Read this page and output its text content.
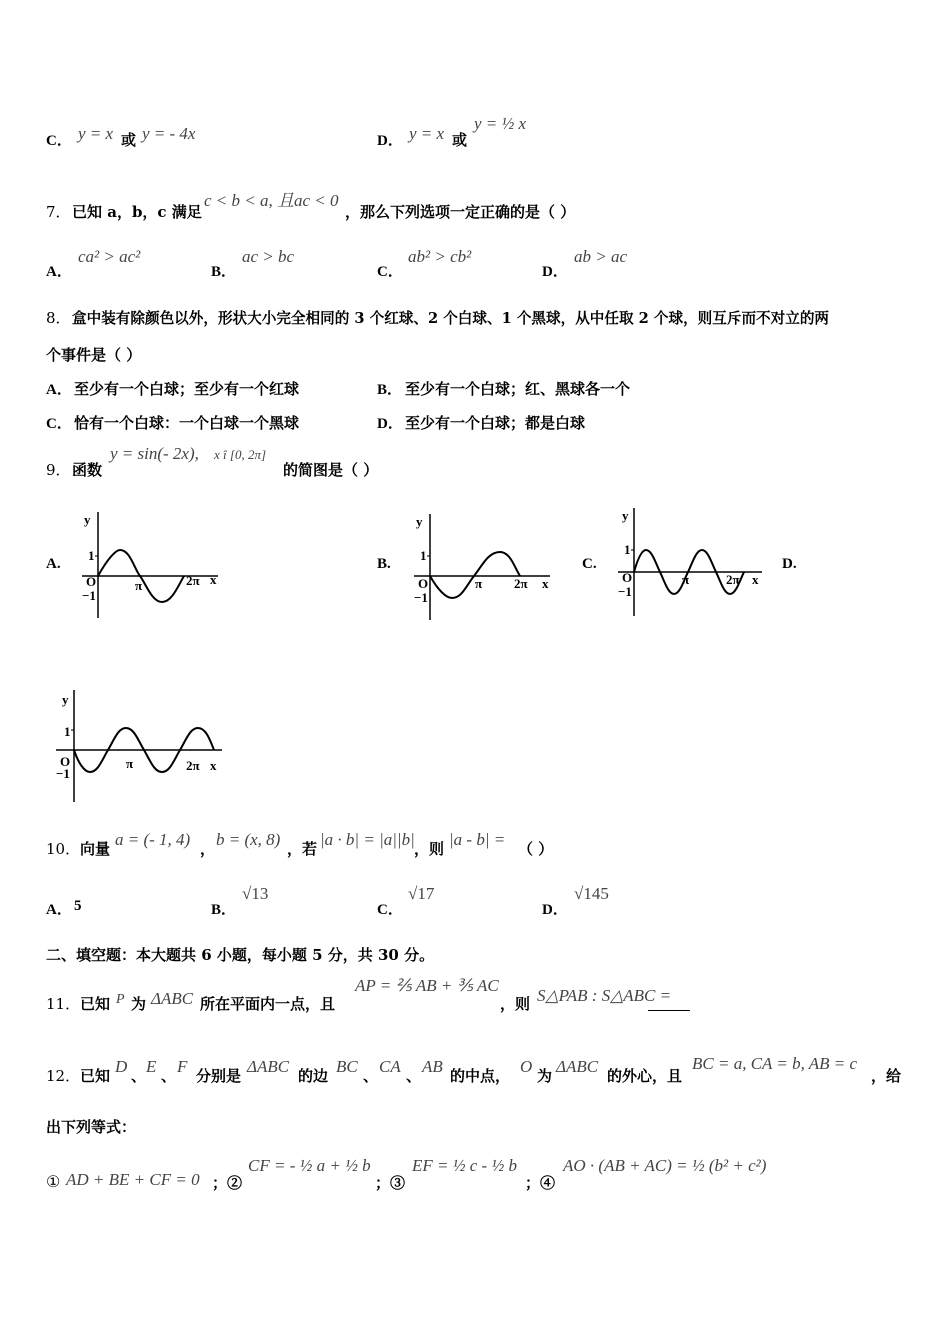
C． y = x 或 y = - 4x	D． y = x 或
y = ½ x
7． 已知 a，b，c 满足
c < b < a, 且ac < 0
，那么下列选项一定正确的是（ ）
A．
ca² > ac²
B．
ac > bc
C．
ab² > cb²
D．
ab > ac
8． 盒中装有除颜色以外，形状大小完全相同的 3 个红球、2 个白球、1 个黑球，从中任取 2 个球，则互斥而不对立的两
个事件是（ ）
A． 至少有一个白球；至少有一个红球	B． 至少有一个白球；红、黑球各一个
C． 恰有一个白球：一个白球一个黑球	D． 至少有一个白球；都是白球
9． 函数
y = sin(- 2x), x î [0, 2π]
的简图是（ ）
A.	B.	C.	D.
y
1
−1
O	π	2π x
y
1
−1
O	π 2π x
y
1
−1
O	π	2π x
y
1
−1
O	π	2π x
10． 向量 a = (- 1, 4) ， b = (x, 8) ，若 |a · b| = |a||b| ，则 |a - b| = （ ）
A． 5	B．
√13
C．
√17
D．
√145
二、填空题：本大题共 6 小题，每小题 5 分，共 30 分。
11． 已知 P 为 ΔABC 所在平面内一点，且
AP = ⅖ AB + ⅗ AC
，则 S△PAB : S△ABC =
12． 已知 D 、 E 、 F 分别是 ΔABC 的边 BC 、 CA 、 AB 的中点， O 为 ΔABC 的外心，且
BC = a, CA = b, AB = c
，给
出下列等式：
① AD + BE + CF = 0 ；②
CF = - ½ a + ½ b
；③
EF = ½ c - ½ b
；④
AO · (AB + AC) = ½ (b² + c²)
